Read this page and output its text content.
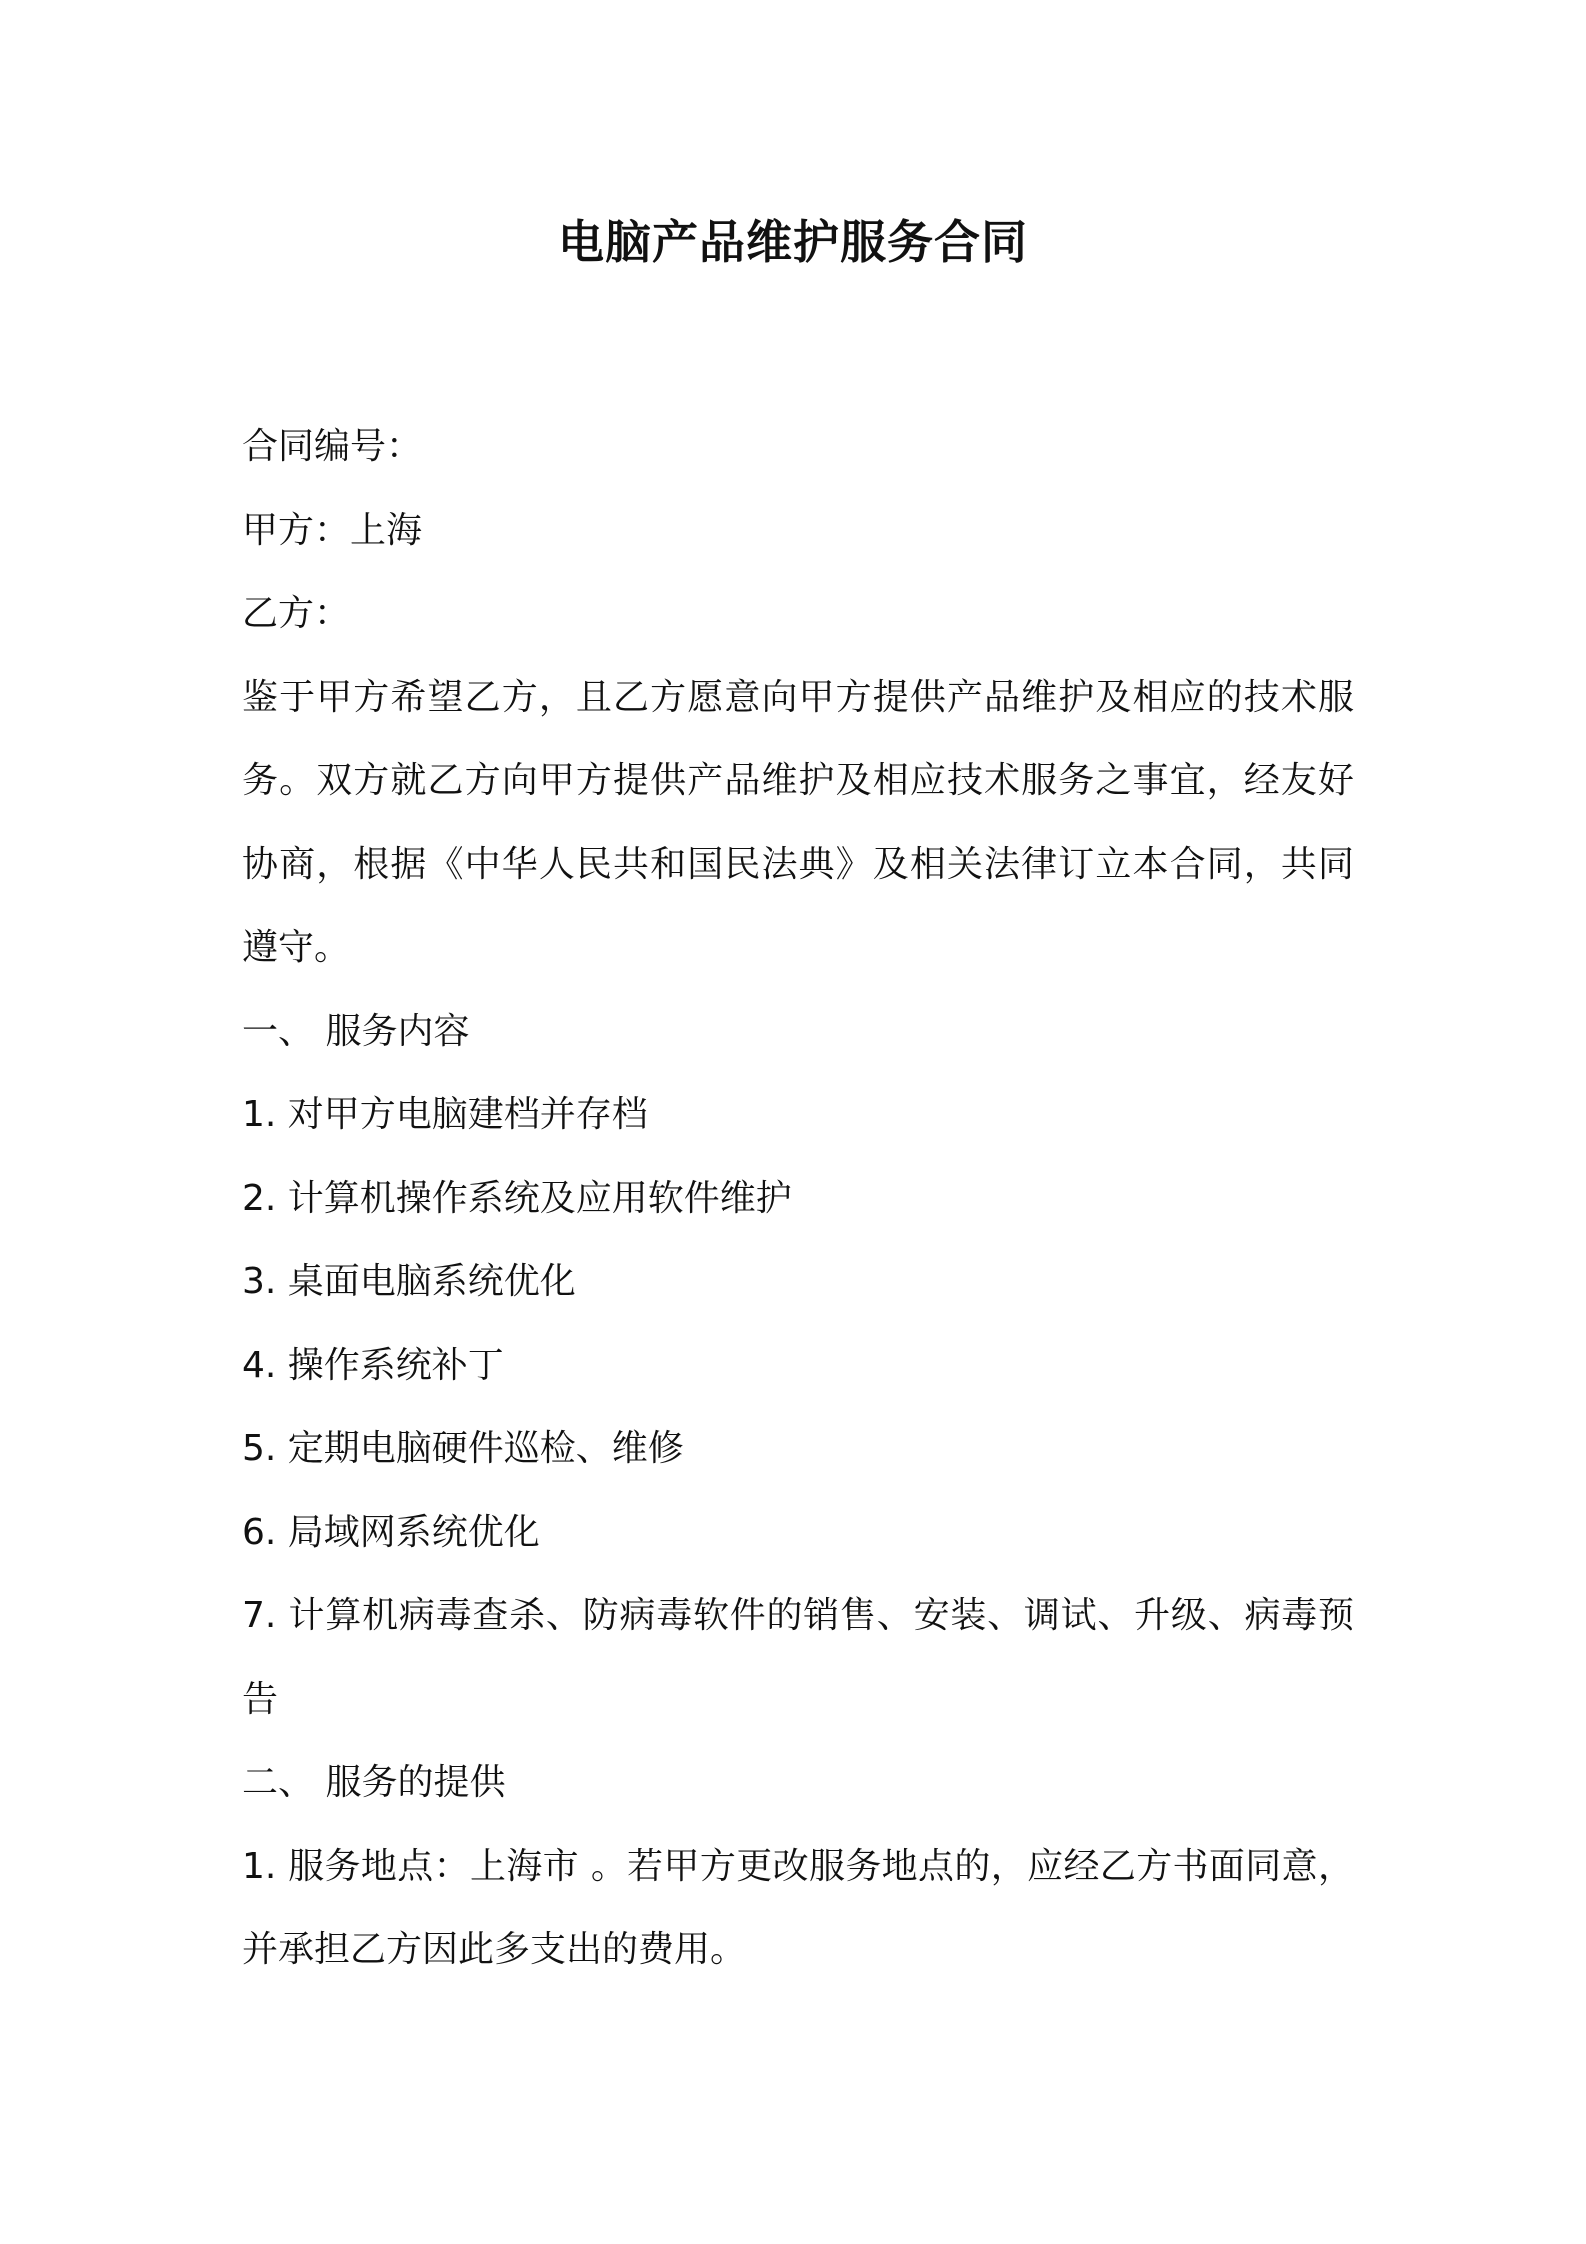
电脑产品维护服务合同

合同编号：

甲方：上海

乙方：

鉴于甲方希望乙方，且乙方愿意向甲方提供产品维护及相应的技术服务。双方就乙方向甲方提供产品维护及相应技术服务之事宜，经友好协商，根据《中华人民共和国民法典》及相关法律订立本合同，共同遵守。

一、 服务内容

1. 对甲方电脑建档并存档

2. 计算机操作系统及应用软件维护

3. 桌面电脑系统优化

4. 操作系统补丁

5. 定期电脑硬件巡检、维修

6. 局域网系统优化

7. 计算机病毒查杀、防病毒软件的销售、安装、调试、升级、病毒预告

二、 服务的提供

1. 服务地点：上海市 。若甲方更改服务地点的，应经乙方书面同意，并承担乙方因此多支出的费用。
